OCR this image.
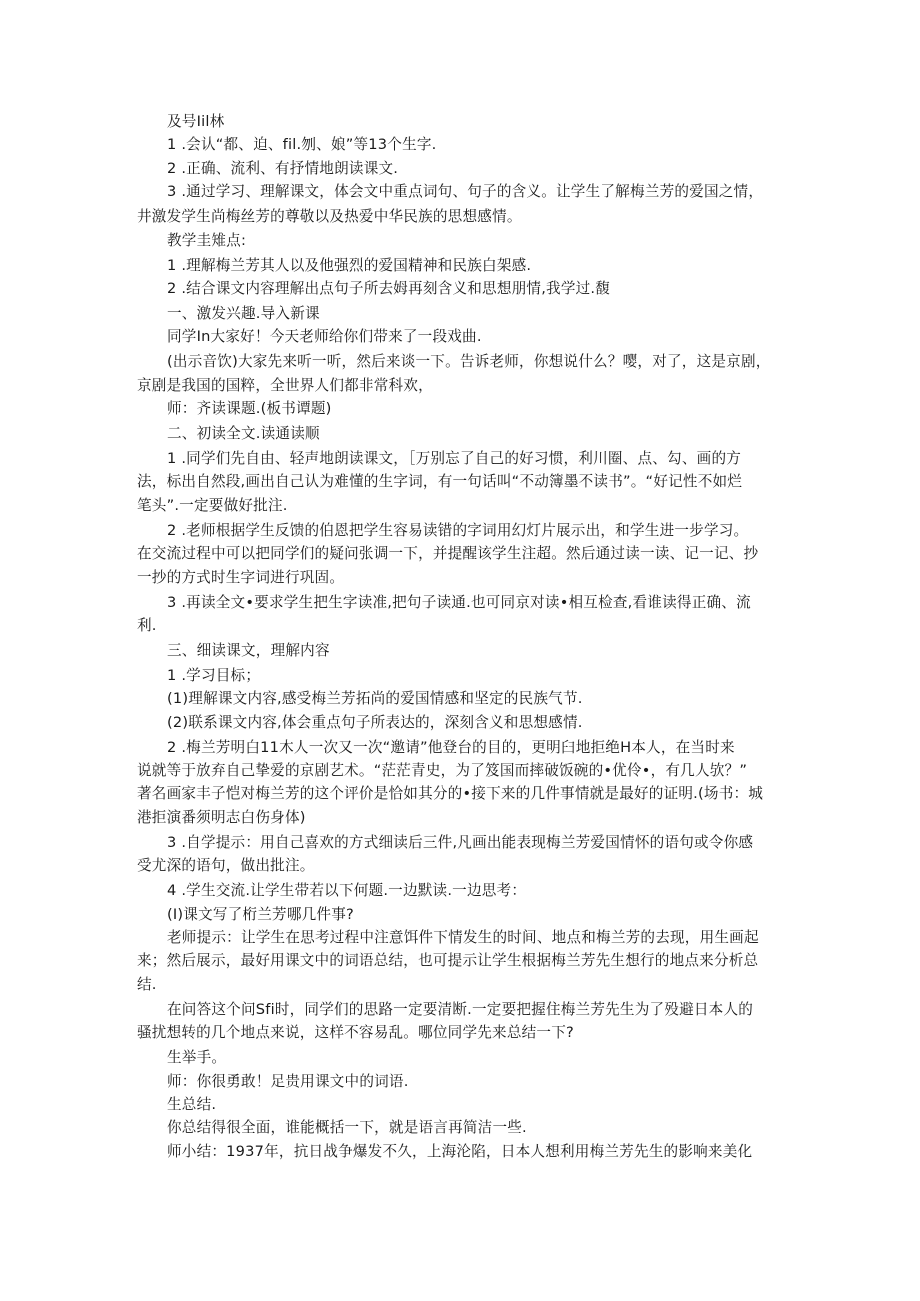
及号Iil林
1 .会认“都、迫、fil.刎、娘”等13个生字.
2 .正确、流利、有抒情地朗读课文.
3 .通过学习、理解课文，体会文中重点词句、句子的含义。让学生了解梅兰芳的爱国之情，
井激发学生尚梅丝芳的尊敬以及热爱中华民族的思想感情。
教学圭雉点:
1 .理解梅兰芳其人以及他强烈的爱国精神和民族白架感.
2 .结合课文内容理解出点句子所去姆再刻含义和思想朋情,我学过.馥
一、激发兴趣.导入新课
同学In大家好！今天老师给你们带来了一段戏曲.
(出示音饮)大家先来听一听，然后来谈一下。告诉老师，你想说什么？嘤，对了，这是京剧，
京剧是我国的国粹，全世界人们都非常科欢，
师：齐读课题.(板书谭题)
二、初读全文.读通读顺
1 .同学们先自由、轻声地朗读课文，［万别忘了自己的好习惯，利川圈、点、勾、画的方
法，标出自然段,画出自己认为难懂的生字词，有一句话叫“不动簿墨不读书”。“好记性不如烂
笔头”.一定要做好批注.
2 .老师根据学生反馈的伯恩把学生容易读错的字词用幻灯片展示出，和学生进一步学习。
在交流过程中可以把同学们的疑问张调一下，并提醒该学生注超。然后通过读一读、记一记、抄
一抄的方式时生字词进行巩固。
3 .再读全文•要求学生把生字读准,把句子读通.也可同京对读•相互检查,看谁读得正确、流
利.
三、细读课文，理解内容
1 .学习目标；
(1)理解课文内容,感受梅兰芳拓尚的爱国情感和坚定的民族气节.
(2)联系课文内容,体会重点句子所表达的，深刻含义和思想感情.
2 .梅兰芳明白11木人一次又一次“邀请”他登台的目的，更明臼地拒绝H本人，在当时来
说就等于放弃自己挚爱的京剧艺术。“茫茫青史，为了笈国而摔破饭碗的•优伶•，有几人欤？”
著名画家丰子恺对梅兰芳的这个评价是恰如其分的•接下来的几件事情就是最好的证明.(场书：城
港拒演番须明志白伤身体)
3 .自学提示：用自己喜欢的方式细读后三件,凡画出能表现梅兰芳爱国情怀的语句或令你感
受尤深的语句，做出批注。
4 .学生交流.让学生带若以下何题.一边默读.一边思考：
(I)课文写了桁兰芳哪几件事?
老师提示：让学生在思考过程中注意饵件下情发生的时间、地点和梅兰芳的去现，用生画起
来；然后展示，最好用课文中的词语总结，也可提示让学生根据梅兰芳先生想行的地点来分析总
结.
在问答这个问Sfi时，同学们的思路一定要清断.一定要把握住梅兰芳先生为了殁避日本人的
骚扰想转的几个地点来说，这样不容易乱。哪位同学先来总结一下?
生举手。
师：你很勇敢！足贵用课文中的词语.
生总结.
你总结得很全面，谁能概括一下，就是语言再简洁一些.
师小结：1937年，抗日战争爆发不久，上海沦陷，日本人想利用梅兰芳先生的影响来美化
